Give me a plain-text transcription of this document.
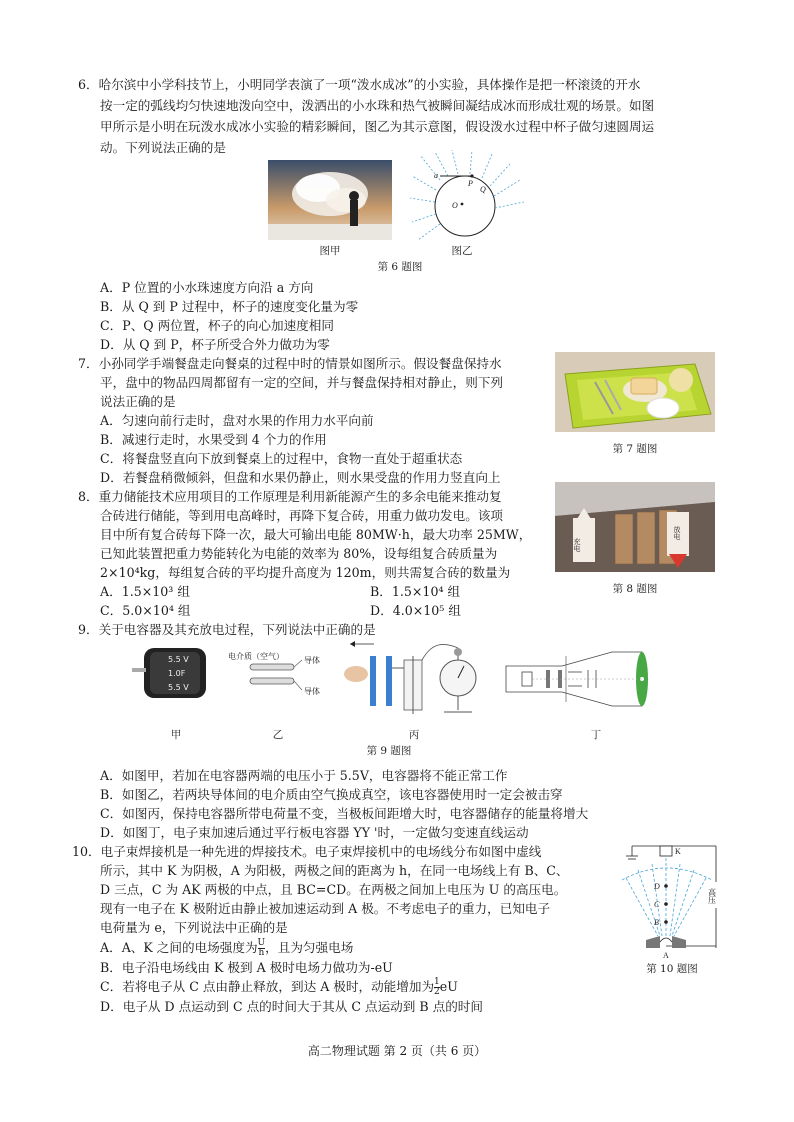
6．哈尔滨中小学科技节上，小明同学表演了一项“泼水成冰”的小实验，具体操作是把一杯滚烫的开水
按一定的弧线均匀快速地泼向空中，泼洒出的小水珠和热气被瞬间凝结成冰而形成壮观的场景。如图
甲所示是小明在玩泼水成冰小实验的精彩瞬间，图乙为其示意图，假设泼水过程中杯子做匀速圆周运
动。下列说法正确的是
图甲
a
P
Q
O
图乙
第 6 题图
A．P 位置的小水珠速度方向沿 a 方向
B．从 Q 到 P 过程中，杯子的速度变化量为零
C．P、Q 两位置，杯子的向心加速度相同
D．从 Q 到 P，杯子所受合外力做功为零
7．小孙同学手端餐盘走向餐桌的过程中时的情景如图所示。假设餐盘保持水
平，盘中的物品四周都留有一定的空间，并与餐盘保持相对静止，则下列
说法正确的是
A．匀速向前行走时，盘对水果的作用力水平向前
B．减速行走时，水果受到 4 个力的作用
C．将餐盘竖直向下放到餐桌上的过程中，食物一直处于超重状态
D．若餐盘稍微倾斜，但盘和水果仍静止，则水果受盘的作用力竖直向上
第 7 题图
8．重力储能技术应用项目的工作原理是利用新能源产生的多余电能来推动复
合砖进行储能，等到用电高峰时，再降下复合砖，用重力做功发电。该项
目中所有复合砖每下降一次，最大可输出电能 80MW·h，最大功率 25MW，
已知此装置把重力势能转化为电能的效率为 80%，设每组复合砖质量为
2×10⁴kg，每组复合砖的平均提升高度为 120m，则共需复合砖的数量为
A．1.5×10³ 组	B．1.5×10⁴ 组
C．5.0×10⁴ 组	D．4.0×10⁵ 组
充电
放电
第 8 题图
9．关于电容器及其充放电过程，下列说法中正确的是
5.5 V
1.0F
5.5 V
电介质（空气）	导体
导体
甲	乙	丙	丁
第 9 题图
A．如图甲，若加在电容器两端的电压小于 5.5V，电容器将不能正常工作
B．如图乙，若两块导体间的电介质由空气换成真空，该电容器使用时一定会被击穿
C．如图丙，保持电容器所带电荷量不变，当极板间距增大时，电容器储存的能量将增大
D．如图丁，电子束加速后通过平行板电容器 YY '时，一定做匀变速直线运动
10．电子束焊接机是一种先进的焊接技术。电子束焊接机中的电场线分布如图中虚线
所示，其中 K 为阴极，A 为阳极，两极之间的距离为 h，在同一电场线上有 B、C、
D 三点，C 为 AK 两极的中点，且 BC=CD。在两极之间加上电压为 U 的高压电。
现有一电子在 K 极附近由静止被加速运动到 A 极。不考虑电子的重力，已知电子
电荷量为 e，下列说法中正确的是
A．A、K 之间的电场强度为 $\frac{U}{h}$ ，且为匀强电场
B．电子沿电场线由 K 极到 A 极时电场力做功为-eU
C．若将电子从 C 点由静止释放，到达 A 极时，动能增加为 $\frac{1}{2}$ eU
D．电子从 D 点运动到 C 点的时间大于其从 C 点运动到 B 点的时间
K
D
C
B
A
高压
第 10 题图
高二物理试题 第 2 页（共 6 页）
